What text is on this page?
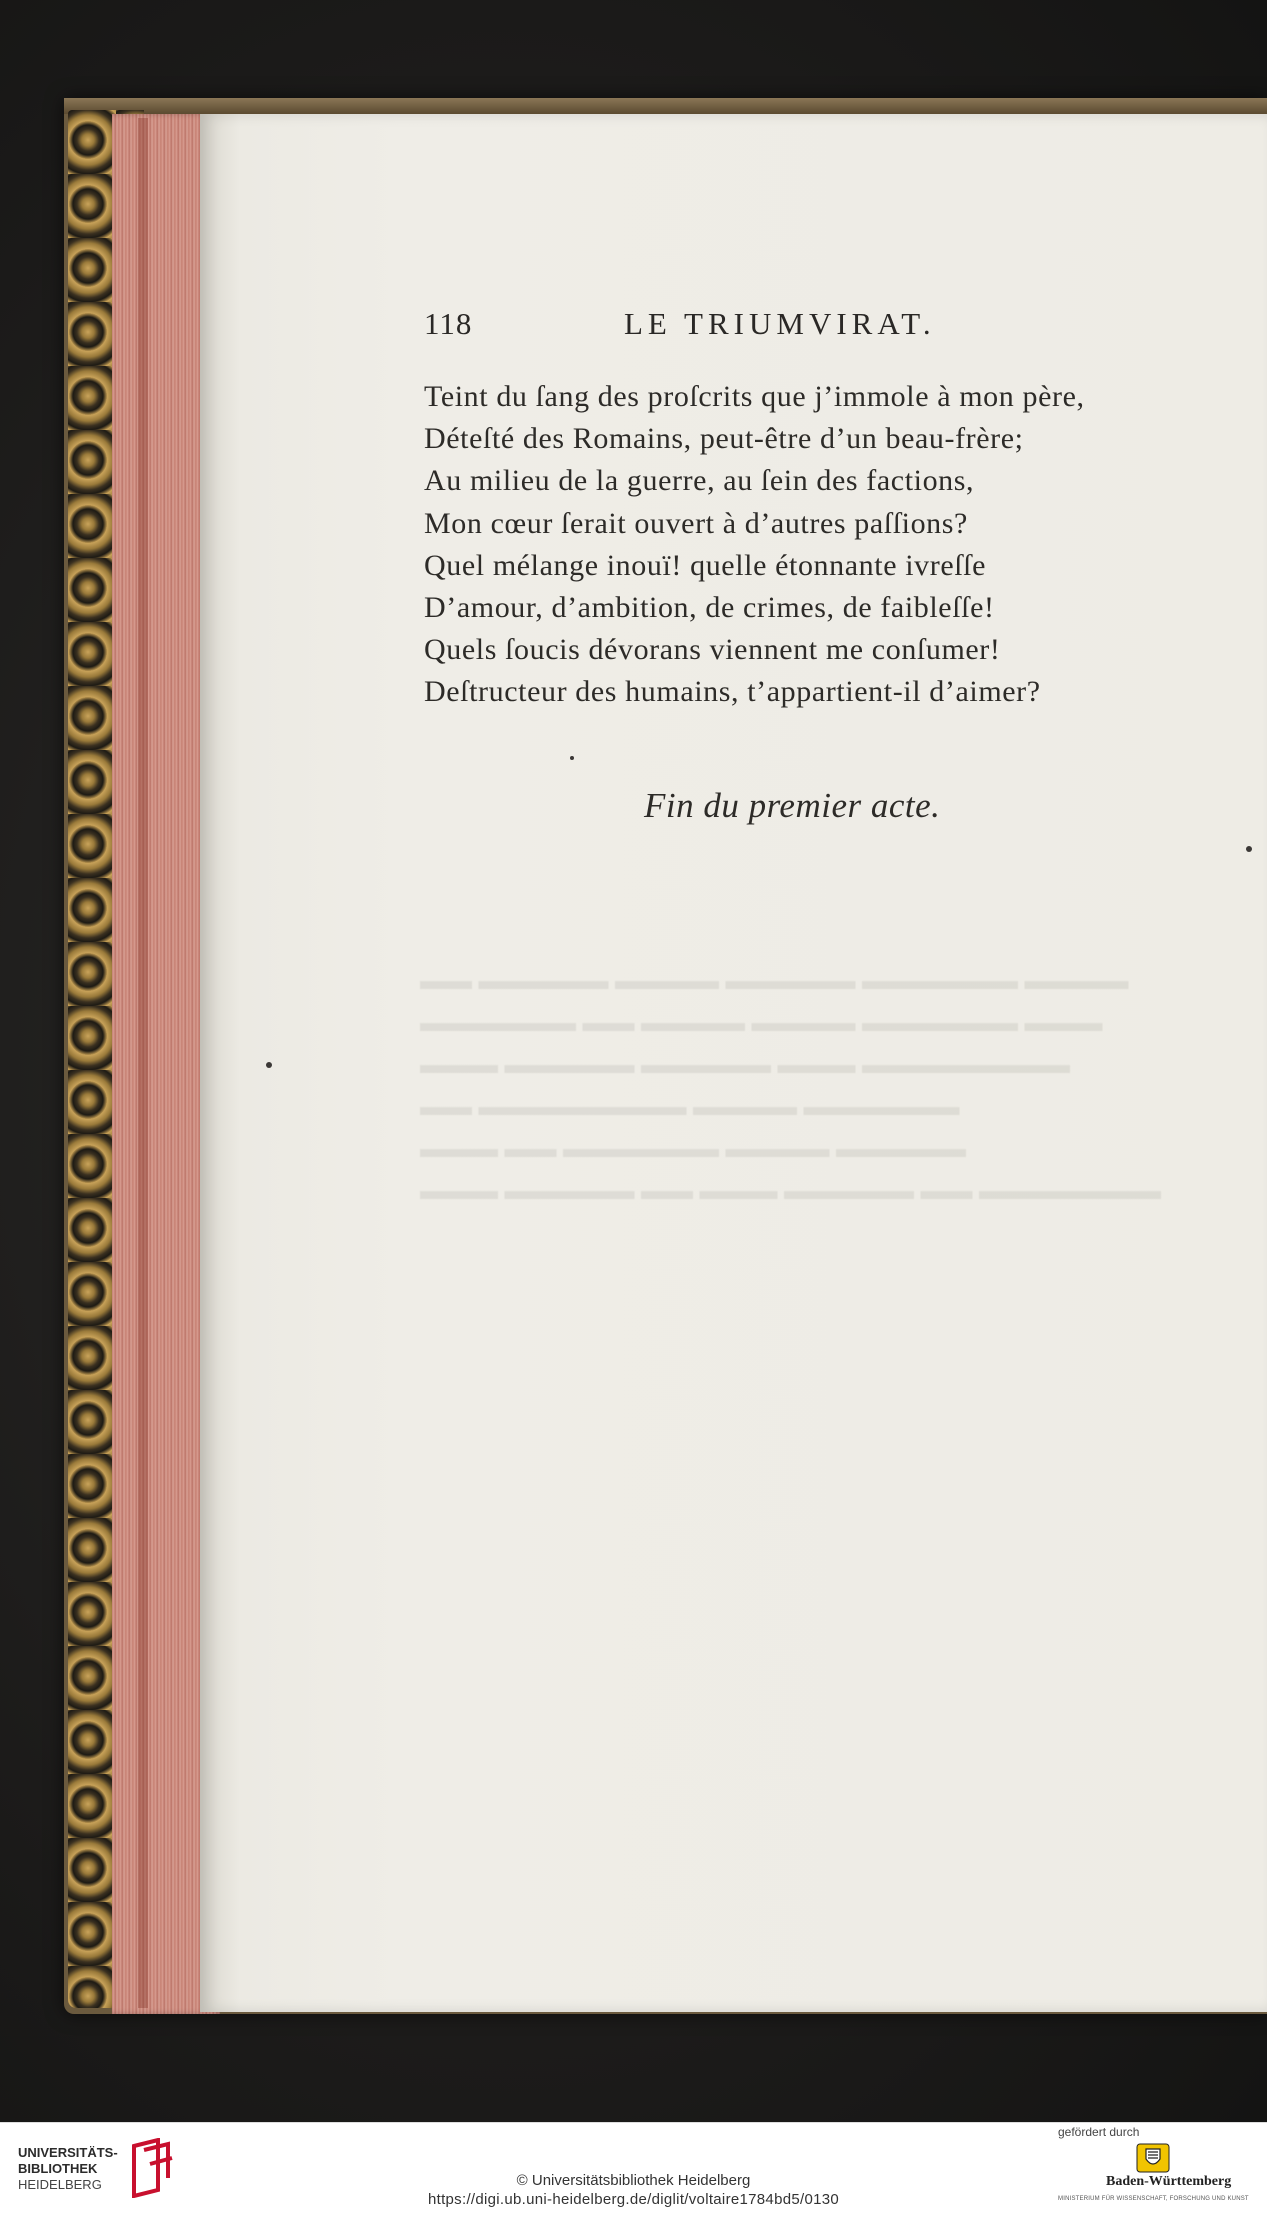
118	LE TRIUMVIRAT.
Teint du ſang des proſcrits que j’immole à mon père,
Déteſté des Romains, peut-être d’un beau-frère;
Au milieu de la guerre, au ſein des factions,
Mon cœur ſerait ouvert à d’autres paſſions?
Quel mélange inouï! quelle étonnante ivreſſe
D’amour, d’ambition, de crimes, de faibleſſe!
Quels ſoucis dévorans viennent me conſumer!
Deſtructeur des humains, t’appartient-il d’aimer?
Fin du premier acte.
UNIVERSITÄTS-
BIBLIOTHEK
HEIDELBERG	© Universitätsbibliothek Heidelberg
https://digi.ub.uni-heidelberg.de/diglit/voltaire1784bd5/0130
gefördert durch
Baden-Württemberg
MINISTERIUM FÜR WISSENSCHAFT, FORSCHUNG UND KUNST
